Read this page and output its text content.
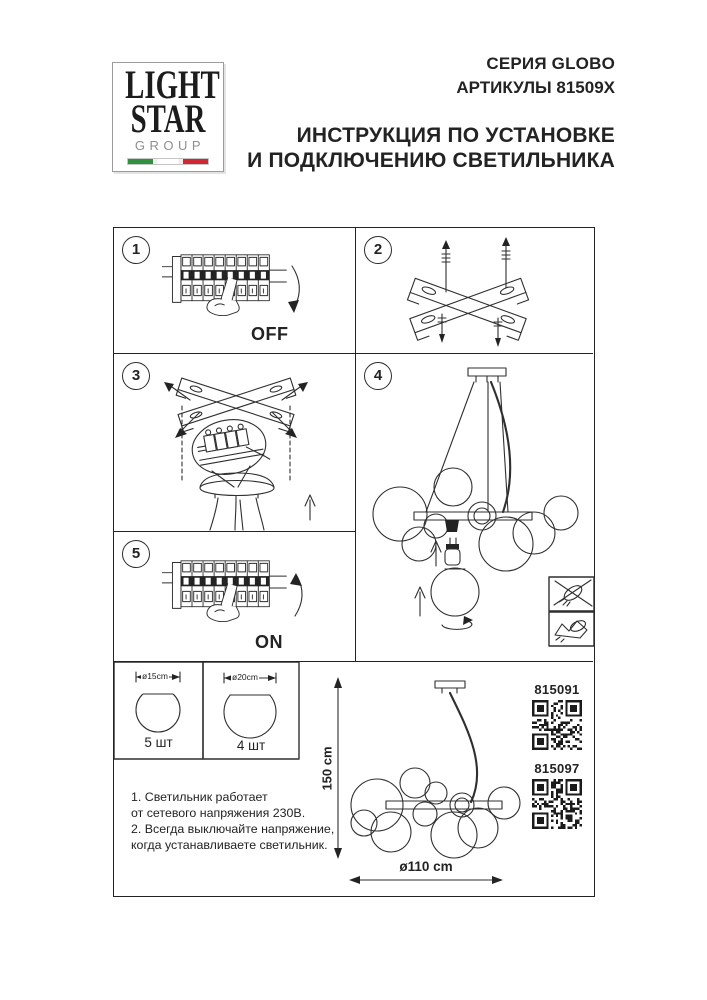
LIGHT
STAR
GROUP
СЕРИЯ GLOBO
АРТИКУЛЫ 81509X
ИНСТРУКЦИЯ ПО УСТАНОВКЕ
И ПОДКЛЮЧЕНИЮ СВЕТИЛЬНИКА
1
OFF
2
3	4
5
ON
ø15cm	ø20cm
5 шт	4 шт
150 cm
ø110 cm
1. Светильник работает
от сетевого напряжения 230В.
2. Всегда выключайте напряжение,
когда устанавливаете светильник.
815091
815097
